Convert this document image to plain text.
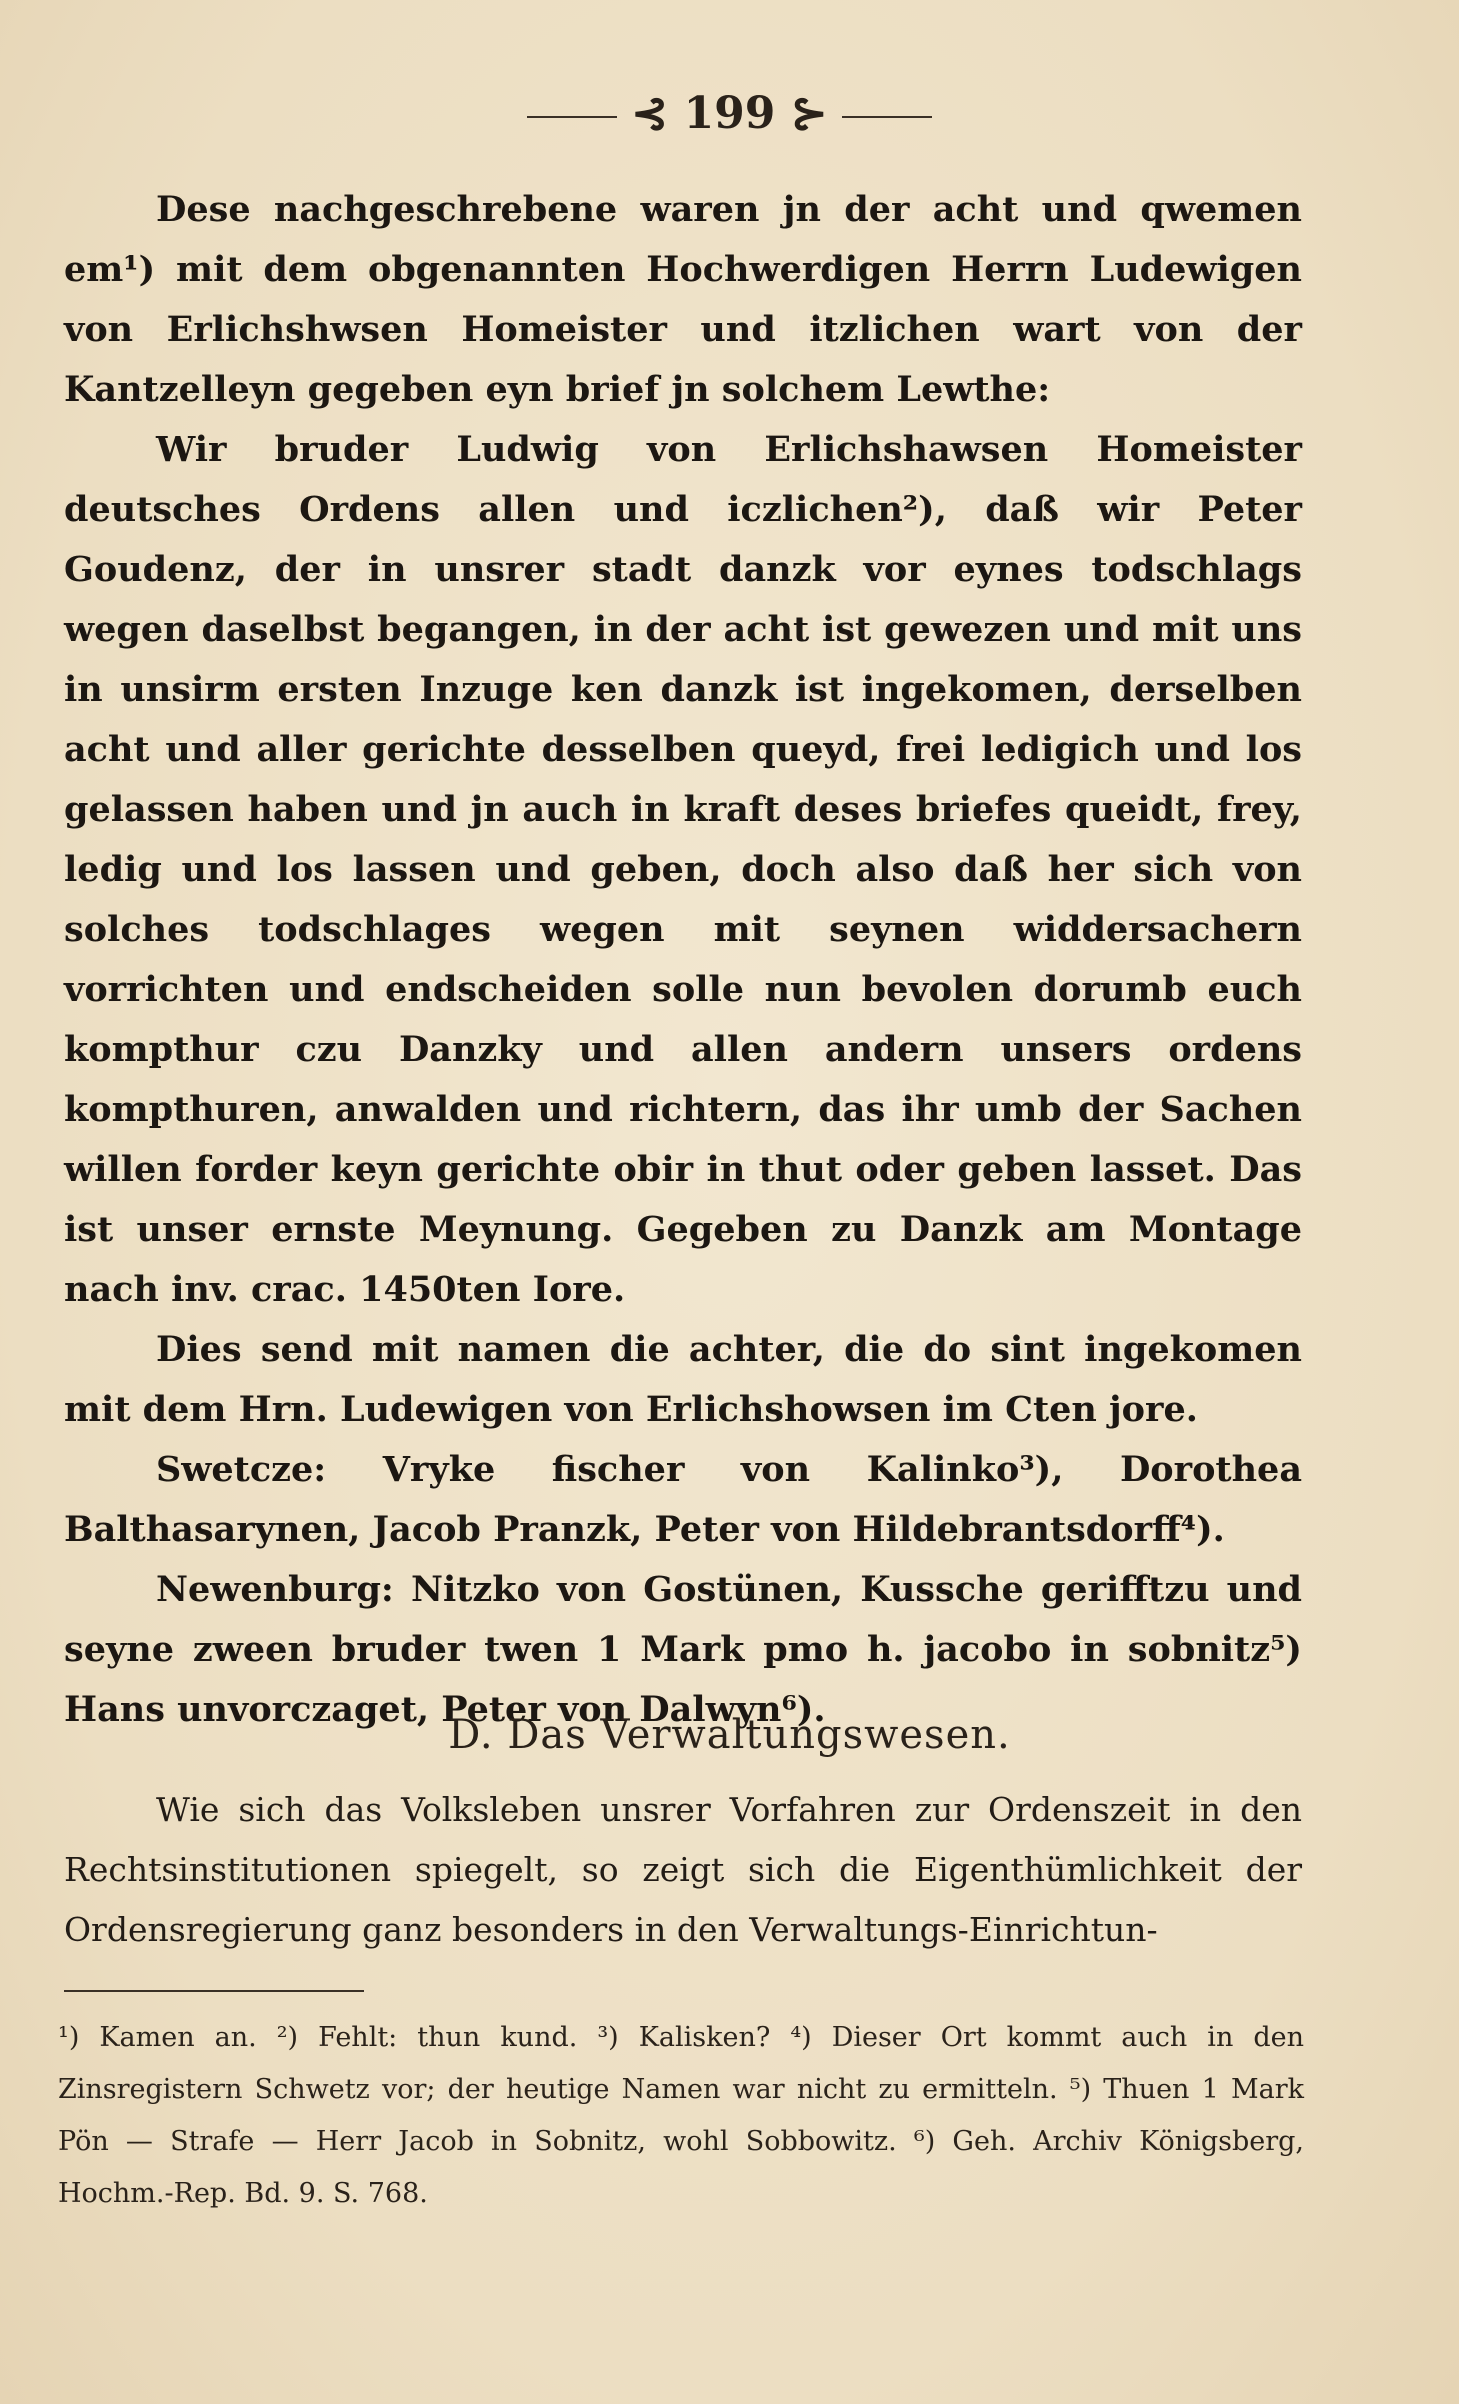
⊰ 199 ⊱

Dese nachgeschrebene waren jn der acht und qwemen em¹) mit dem obgenannten Hochwerdigen Herrn Ludewigen von Erlichshwsen Homeister und itzlichen wart von der Kantzelleyn gegeben eyn brief jn solchem Lewthe:

Wir bruder Ludwig von Erlichshawsen Homeister deutsches Ordens allen und iczlichen²), daß wir Peter Goudenz, der in unsrer stadt danzk vor eynes todschlags wegen daselbst begangen, in der acht ist gewezen und mit uns in unsirm ersten Inzuge ken danzk ist ingekomen, derselben acht und aller gerichte desselben queyd, frei ledigich und los gelassen haben und jn auch in kraft deses briefes queidt, frey, ledig und los lassen und geben, doch also daß her sich von solches todschlages wegen mit seynen widdersachern vorrichten und endscheiden solle nun bevolen dorumb euch kompthur czu Danzky und allen andern unsers ordens kompthuren, anwalden und richtern, das ihr umb der Sachen willen forder keyn gerichte obir in thut oder geben lasset. Das ist unser ernste Meynung. Gegeben zu Danzk am Montage nach inv. crac. 1450ten Iore.

Dies send mit namen die achter, die do sint ingekomen mit dem Hrn. Ludewigen von Erlichshowsen im Cten jore.

Swetcze: Vryke fischer von Kalinko³), Dorothea Balthasarynen, Jacob Pranzk, Peter von Hildebrantsdorff⁴).

Newenburg: Nitzko von Gostünen, Kussche gerifftzu und seyne zween bruder twen 1 Mark pmo h. jacobo in sobnitz⁵) Hans unvorczaget, Peter von Dalwyn⁶).

D. Das Verwaltungswesen.
Wie sich das Volksleben unsrer Vorfahren zur Ordenszeit in den Rechtsinstitutionen spiegelt, so zeigt sich die Eigenthümlichkeit der Ordensregierung ganz besonders in den Verwaltungs-Einrichtun-
¹) Kamen an. ²) Fehlt: thun kund. ³) Kalisken? ⁴) Dieser Ort kommt auch in den Zinsregistern Schwetz vor; der heutige Namen war nicht zu ermitteln. ⁵) Thuen 1 Mark Pön — Strafe — Herr Jacob in Sobnitz, wohl Sobbowitz. ⁶) Geh. Archiv Königsberg, Hochm.-Rep. Bd. 9. S. 768.
